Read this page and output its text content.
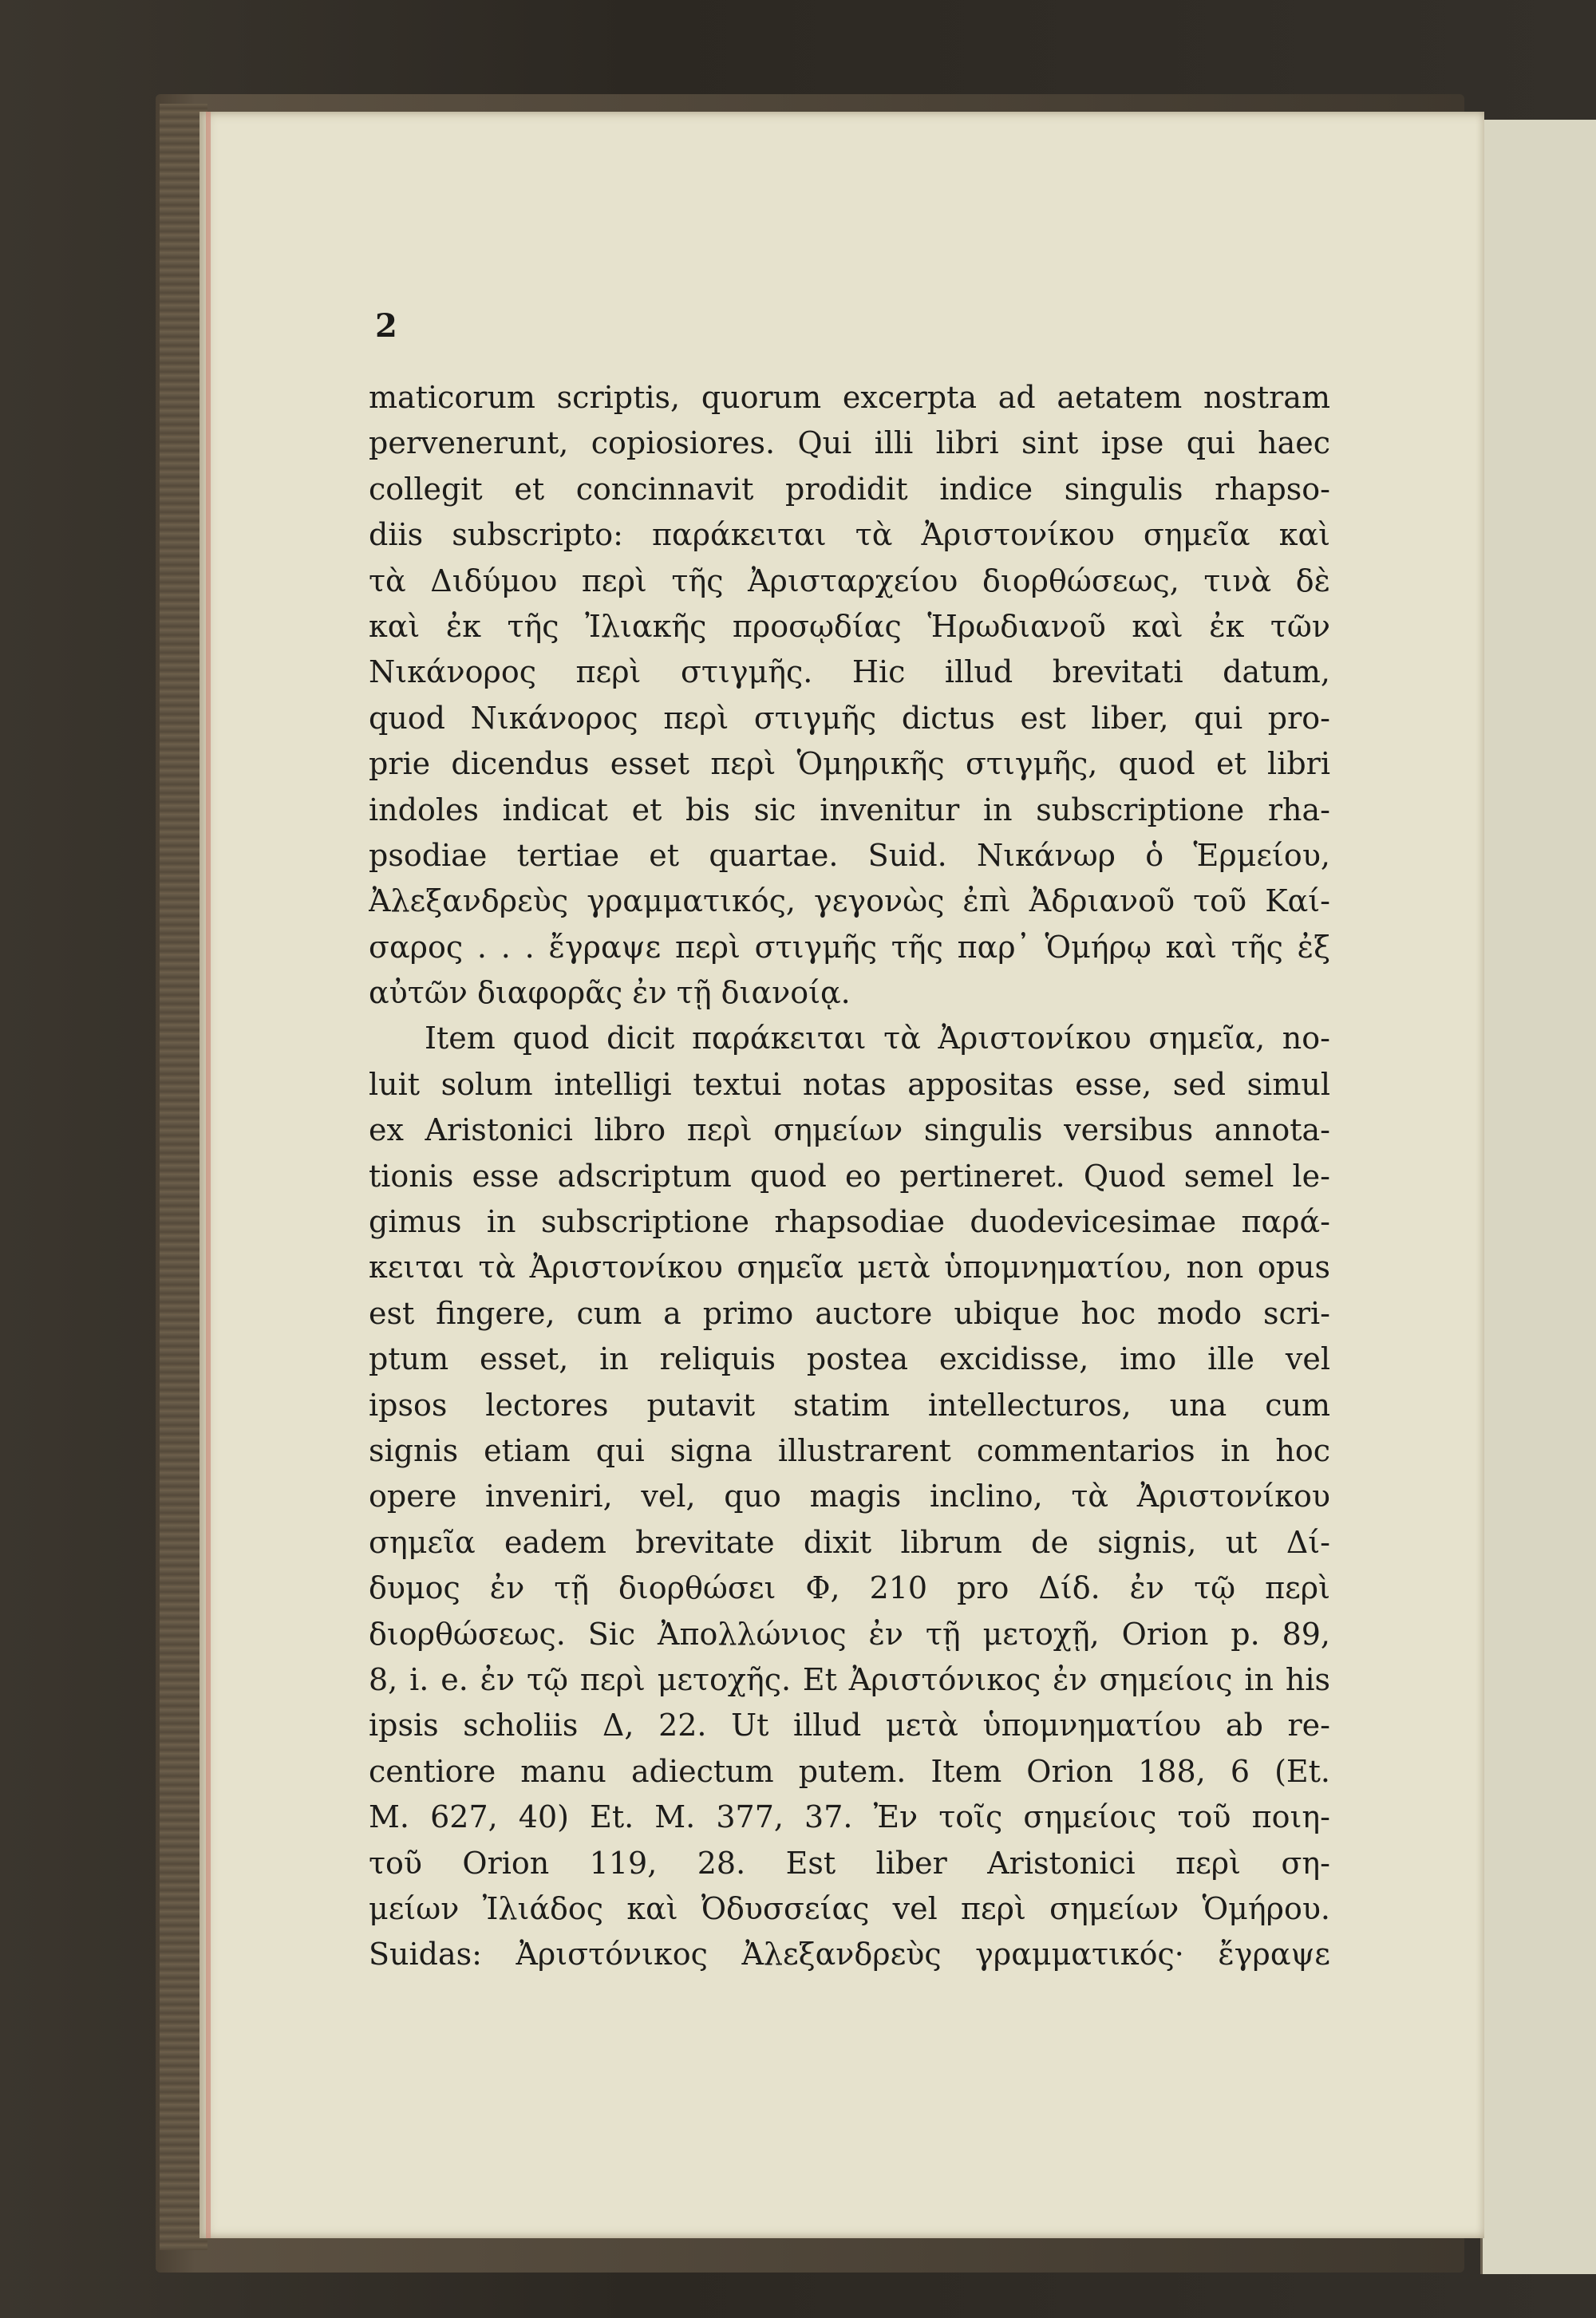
2
maticorum scriptis, quorum excerpta ad aetatem nostram
pervenerunt, copiosiores. Qui illi libri sint ipse qui haec
collegit et concinnavit prodidit indice singulis rhapso-
diis subscripto: παράκειται τὰ Ἀριστονίκου σημεῖα καὶ
τὰ Διδύμου περὶ τῆς Ἀρισταρχείου διορθώσεως, τινὰ δὲ
καὶ ἐκ τῆς Ἰλιακῆς προσῳδίας Ἡρωδιανοῦ καὶ ἐκ τῶν
Νικάνορος περὶ στιγμῆς. Hic illud brevitati datum,
quod Νικάνορος περὶ στιγμῆς dictus est liber, qui pro-
prie dicendus esset περὶ Ὁμηρικῆς στιγμῆς, quod et libri
indoles indicat et bis sic invenitur in subscriptione rha-
psodiae tertiae et quartae. Suid. Νικάνωρ ὁ Ἑρμείου,
Ἀλεξανδρεὺς γραμματικός, γεγονὼς ἐπὶ Ἀδριανοῦ τοῦ Καί-
σαρος . . . ἔγραψε περὶ στιγμῆς τῆς παρ᾽ Ὁμήρῳ καὶ τῆς ἐξ
αὐτῶν διαφορᾶς ἐν τῇ διανοίᾳ.
Item quod dicit παράκειται τὰ Ἀριστονίκου σημεῖα, no-
luit solum intelligi textui notas appositas esse, sed simul
ex Aristonici libro περὶ σημείων singulis versibus annota-
tionis esse adscriptum quod eo pertineret. Quod semel le-
gimus in subscriptione rhapsodiae duodevicesimae παρά-
κειται τὰ Ἀριστονίκου σημεῖα μετὰ ὑπομνηματίου, non opus
est fingere, cum a primo auctore ubique hoc modo scri-
ptum esset, in reliquis postea excidisse, imo ille vel
ipsos lectores putavit statim intellecturos, una cum
signis etiam qui signa illustrarent commentarios in hoc
opere inveniri, vel, quo magis inclino, τὰ Ἀριστονίκου
σημεῖα eadem brevitate dixit librum de signis, ut Δί-
δυμος ἐν τῇ διορθώσει Φ, 210 pro Δίδ. ἐν τῷ περὶ
διορθώσεως. Sic Ἀπολλώνιος ἐν τῇ μετοχῇ, Orion p. 89,
8, i. e. ἐν τῷ περὶ μετοχῆς. Et Ἀριστόνικος ἐν σημείοις in his
ipsis scholiis Δ, 22. Ut illud μετὰ ὑπομνηματίου ab re-
centiore manu adiectum putem. Item Orion 188, 6 (Et.
M. 627, 40) Et. M. 377, 37. Ἐν τοῖς σημείοις τοῦ ποιη-
τοῦ Orion 119, 28. Est liber Aristonici περὶ ση-
μείων Ἰλιάδος καὶ Ὀδυσσείας vel περὶ σημείων Ὁμήρου.
Suidas: Ἀριστόνικος Ἀλεξανδρεὺς γραμματικός· ἔγραψε
